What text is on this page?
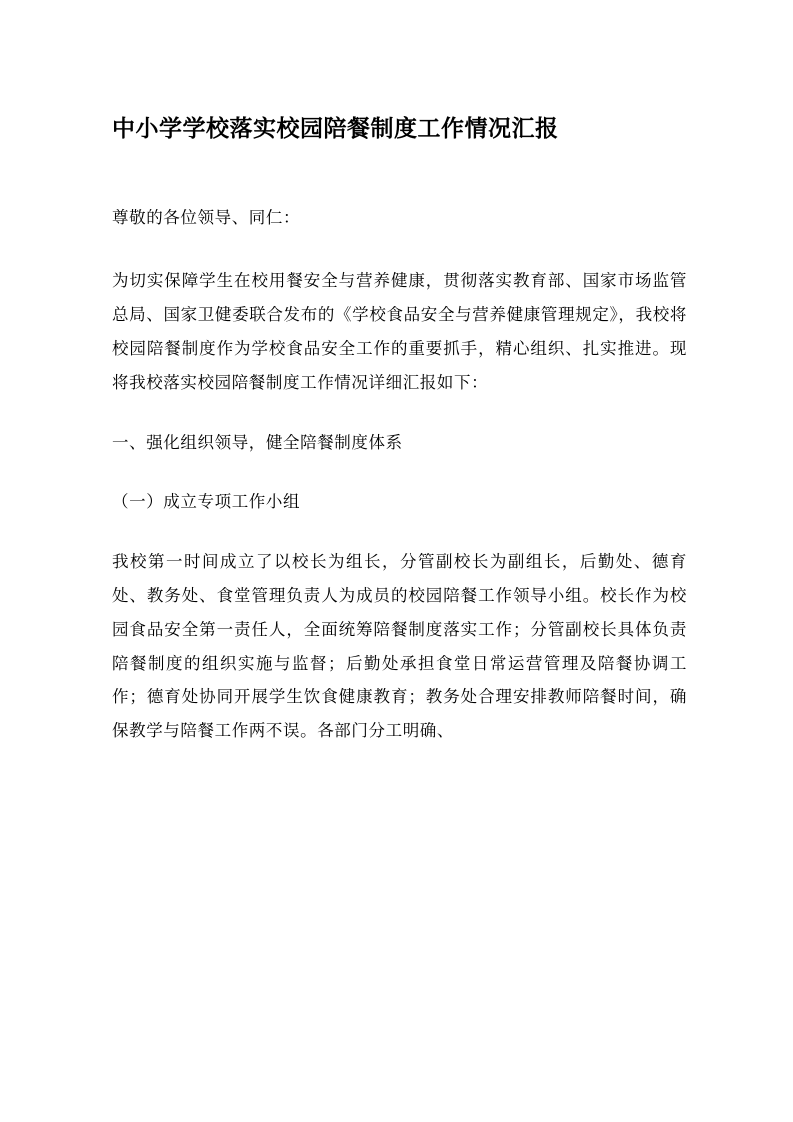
中小学学校落实校园陪餐制度工作情况汇报

尊敬的各位领导、同仁：

为切实保障学生在校用餐安全与营养健康，贯彻落实教育部、国家市场监管总局、国家卫健委联合发布的《学校食品安全与营养健康管理规定》，我校将校园陪餐制度作为学校食品安全工作的重要抓手，精心组织、扎实推进。现将我校落实校园陪餐制度工作情况详细汇报如下：

一、强化组织领导，健全陪餐制度体系

（一）成立专项工作小组

我校第一时间成立了以校长为组长，分管副校长为副组长，后勤处、德育处、教务处、食堂管理负责人为成员的校园陪餐工作领导小组。校长作为校园食品安全第一责任人，全面统筹陪餐制度落实工作；分管副校长具体负责陪餐制度的组织实施与监督；后勤处承担食堂日常运营管理及陪餐协调工作；德育处协同开展学生饮食健康教育；教务处合理安排教师陪餐时间，确保教学与陪餐工作两不误。各部门分工明确、
